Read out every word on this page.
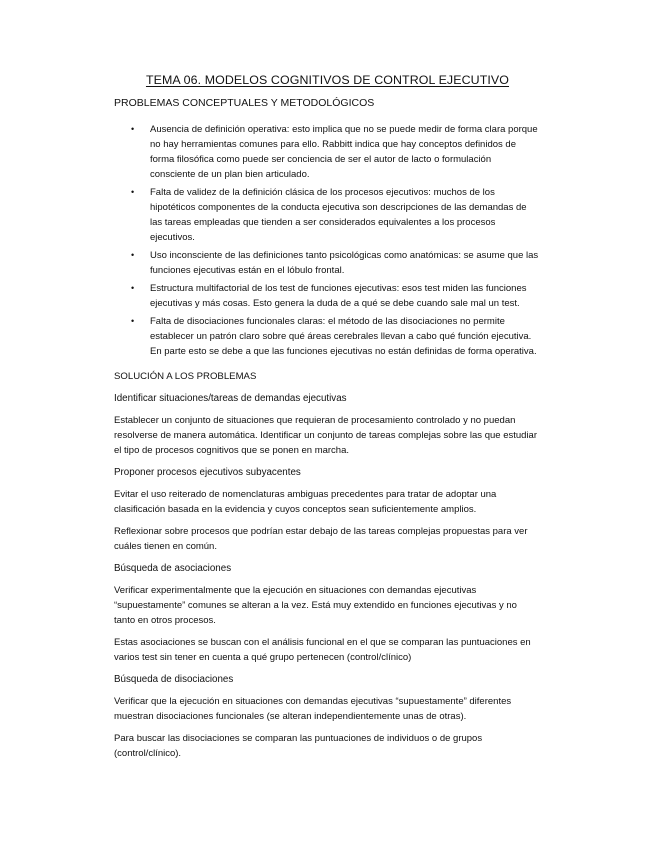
TEMA 06. MODELOS COGNITIVOS DE CONTROL EJECUTIVO
PROBLEMAS CONCEPTUALES Y METODOLÓGICOS
• Ausencia de definición operativa: esto implica que no se puede medir de forma clara porque no hay herramientas comunes para ello. Rabbitt indica que hay conceptos definidos de forma filosófica como puede ser conciencia de ser el autor de lacto o formulación consciente de un plan bien articulado.
• Falta de validez de la definición clásica de los procesos ejecutivos: muchos de los hipotéticos componentes de la conducta ejecutiva son descripciones de las demandas de las tareas empleadas que tienden a ser considerados equivalentes a los procesos ejecutivos.
• Uso inconsciente de las definiciones tanto psicológicas como anatómicas: se asume que las funciones ejecutivas están en el lóbulo frontal.
• Estructura multifactorial de los test de funciones ejecutivas: esos test miden las funciones ejecutivas y más cosas. Esto genera la duda de a qué se debe cuando sale mal un test.
• Falta de disociaciones funcionales claras: el método de las disociaciones no permite establecer un patrón claro sobre qué áreas cerebrales llevan a cabo qué función ejecutiva. En parte esto se debe a que las funciones ejecutivas no están definidas de forma operativa.
SOLUCIÓN A LOS PROBLEMAS
Identificar situaciones/tareas de demandas ejecutivas

Establecer un conjunto de situaciones que requieran de procesamiento controlado y no puedan resolverse de manera automática. Identificar un conjunto de tareas complejas sobre las que estudiar el tipo de procesos cognitivos que se ponen en marcha.

Proponer procesos ejecutivos subyacentes

Evitar el uso reiterado de nomenclaturas ambiguas precedentes para tratar de adoptar una clasificación basada en la evidencia y cuyos conceptos sean suficientemente amplios.

Reflexionar sobre procesos que podrían estar debajo de las tareas complejas propuestas para ver cuáles tienen en común.

Búsqueda de asociaciones

Verificar experimentalmente que la ejecución en situaciones con demandas ejecutivas “supuestamente” comunes se alteran a la vez. Está muy extendido en funciones ejecutivas y no tanto en otros procesos.

Estas asociaciones se buscan con el análisis funcional en el que se comparan las puntuaciones en varios test sin tener en cuenta a qué grupo pertenecen (control/clínico)

Búsqueda de disociaciones

Verificar que la ejecución en situaciones con demandas ejecutivas “supuestamente” diferentes muestran disociaciones funcionales (se alteran independientemente unas de otras).

Para buscar las disociaciones se comparan las puntuaciones de individuos o de grupos (control/clínico).
